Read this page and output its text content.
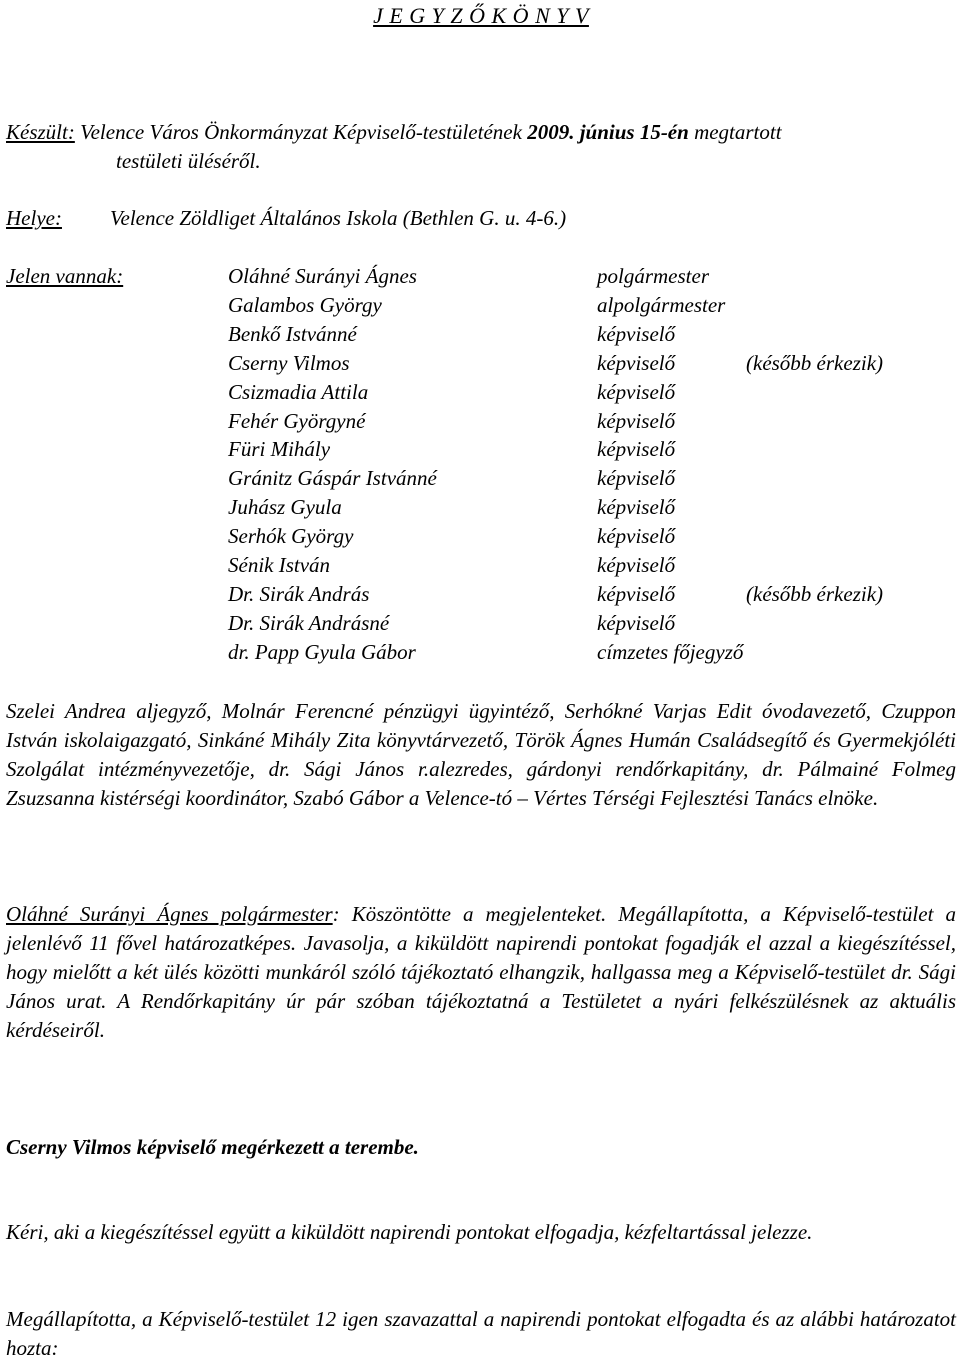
J E G Y Z Ő K Ö N Y V
Készült: Velence Város Önkormányzat Képviselő-testületének 2009. június 15-én megtartott
testületi üléséről.
Helye: Velence Zöldliget Általános Iskola (Bethlen G. u. 4-6.)
Jelen vannak:	Oláhné Surányi Ágnes	polgármester
Galambos György	alpolgármester
Benkő Istvánné	képviselő
Cserny Vilmos	képviselő	(később érkezik)
Csizmadia Attila	képviselő
Fehér Györgyné	képviselő
Füri Mihály	képviselő
Gránitz Gáspár Istvánné	képviselő
Juhász Gyula	képviselő
Serhók György	képviselő
Sénik István	képviselő
Dr. Sirák András	képviselő	(később érkezik)
Dr. Sirák Andrásné	képviselő
dr. Papp Gyula Gábor	címzetes főjegyző
Szelei Andrea aljegyző, Molnár Ferencné pénzügyi ügyintéző, Serhókné Varjas Edit óvodavezető, Czuppon István iskolaigazgató, Sinkáné Mihály Zita könyvtárvezető, Török Ágnes Humán Családsegítő és Gyermekjóléti Szolgálat intézményvezetője, dr. Sági János r.alezredes, gárdonyi rendőrkapitány, dr. Pálmainé Folmeg Zsuzsanna kistérségi koordinátor, Szabó Gábor a Velence-tó – Vértes Térségi Fejlesztési Tanács elnöke.
Oláhné Surányi Ágnes polgármester: Köszöntötte a megjelenteket. Megállapította, a Képviselő-testület a jelenlévő 11 fővel határozatképes. Javasolja, a kiküldött napirendi pontokat fogadják el azzal a kiegészítéssel, hogy mielőtt a két ülés közötti munkáról szóló tájékoztató elhangzik, hallgassa meg a Képviselő-testület dr. Sági János urat. A Rendőrkapitány úr pár szóban tájékoztatná a Testületet a nyári felkészülésnek az aktuális kérdéseiről.
Cserny Vilmos képviselő megérkezett a terembe.
Kéri, aki a kiegészítéssel együtt a kiküldött napirendi pontokat elfogadja, kézfeltartással jelezze.
Megállapította, a Képviselő-testület 12 igen szavazattal a napirendi pontokat elfogadta és az alábbi határozatot hozta:
